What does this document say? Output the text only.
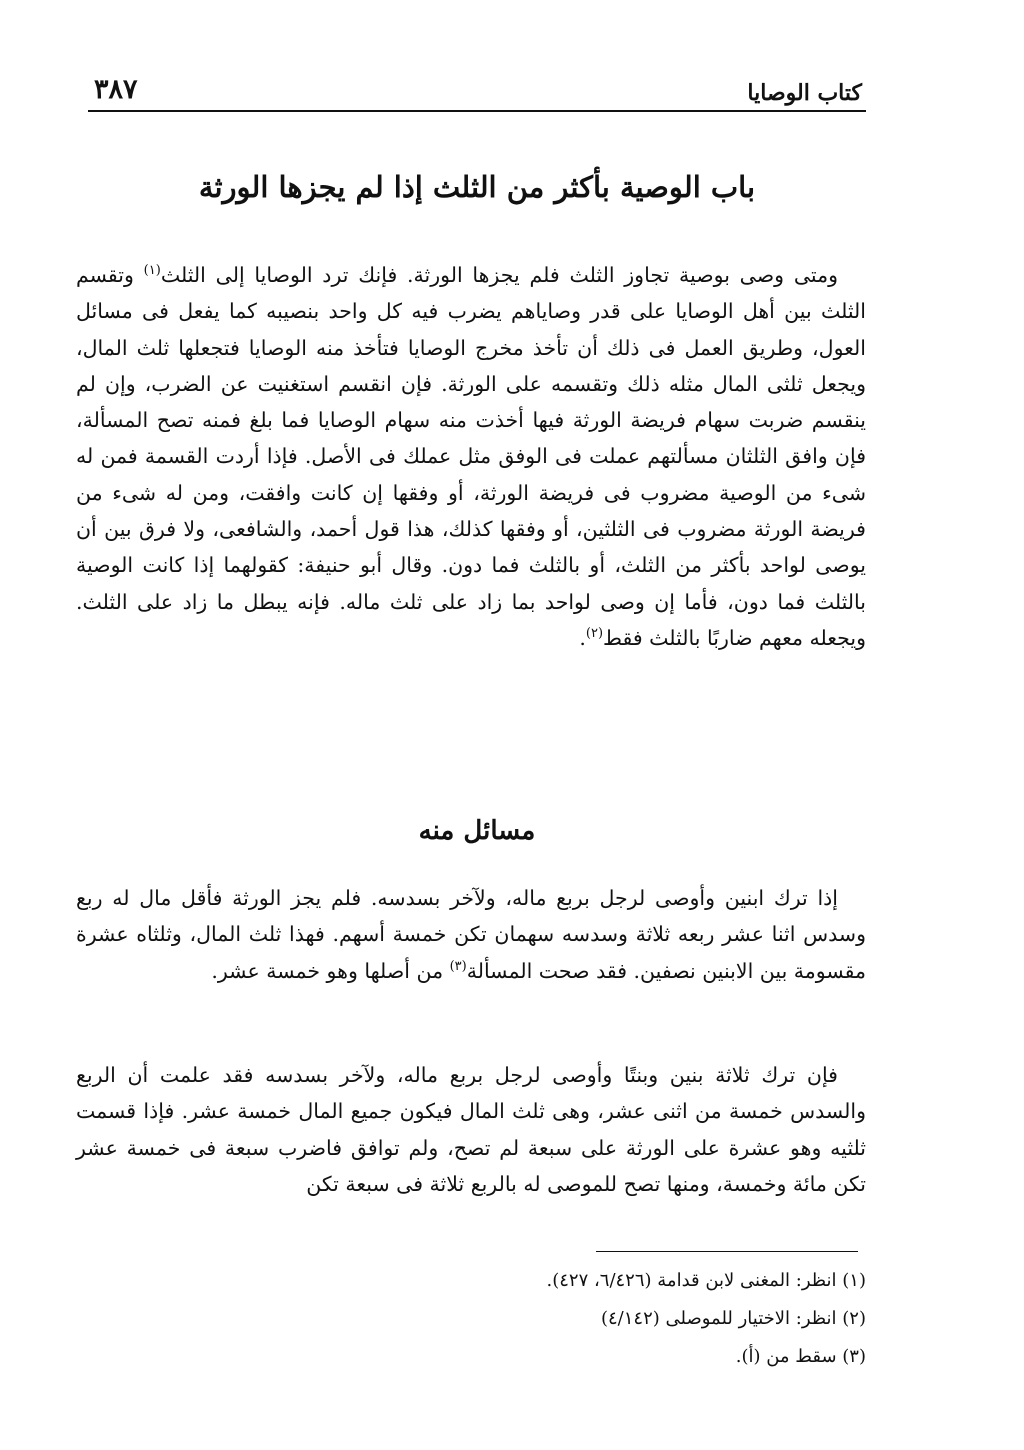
كتاب الوصايا
٣٨٧
باب الوصية بأكثر من الثلث إذا لم يجزها الورثة

ومتى وصى بوصية تجاوز الثلث فلم يجزها الورثة. فإنك ترد الوصايا إلى الثلث$^{(١)}$ وتقسم الثلث بين أهل الوصايا على قدر وصاياهم يضرب فيه كل واحد بنصيبه كما يفعل فى مسائل العول، وطريق العمل فى ذلك أن تأخذ مخرج الوصايا فتأخذ منه الوصايا فتجعلها ثلث المال، ويجعل ثلثى المال مثله ذلك وتقسمه على الورثة. فإن انقسم استغنيت عن الضرب، وإن لم ينقسم ضربت سهام فريضة الورثة فيها أخذت منه سهام الوصايا فما بلغ فمنه تصح المسألة، فإن وافق الثلثان مسألتهم عملت فى الوفق مثل عملك فى الأصل. فإذا أردت القسمة فمن له شىء من الوصية مضروب فى فريضة الورثة، أو وفقها إن كانت وافقت، ومن له شىء من فريضة الورثة مضروب فى الثلثين، أو وفقها كذلك، هذا قول أحمد، والشافعى، ولا فرق بين أن يوصى لواحد بأكثر من الثلث، أو بالثلث فما دون. وقال أبو حنيفة: كقولهما إذا كانت الوصية بالثلث فما دون، فأما إن وصى لواحد بما زاد على ثلث ماله. فإنه يبطل ما زاد على الثلث. ويجعله معهم ضاربًا بالثلث فقط$^{(٢)}$.

مسائل منه

إذا ترك ابنين وأوصى لرجل بربع ماله، ولآخر بسدسه. فلم يجز الورثة فأقل مال له ربع وسدس اثنا عشر ربعه ثلاثة وسدسه سهمان تكن خمسة أسهم. فهذا ثلث المال، وثلثاه عشرة مقسومة بين الابنين نصفين. فقد صحت المسألة$^{(٣)}$ من أصلها وهو خمسة عشر.

فإن ترك ثلاثة بنين وبنتًا وأوصى لرجل بربع ماله، ولآخر بسدسه فقد علمت أن الربع والسدس خمسة من اثنى عشر، وهى ثلث المال فيكون جميع المال خمسة عشر. فإذا قسمت ثلثيه وهو عشرة على الورثة على سبعة لم تصح، ولم توافق فاضرب سبعة فى خمسة عشر تكن مائة وخمسة، ومنها تصح للموصى له بالربع ثلاثة فى سبعة تكن

(١) انظر: المغنى لابن قدامة (٦/٤٢٦، ٤٢٧).
(٢) انظر: الاختيار للموصلى (٤/١٤٢)
(٣) سقط من (أ).
